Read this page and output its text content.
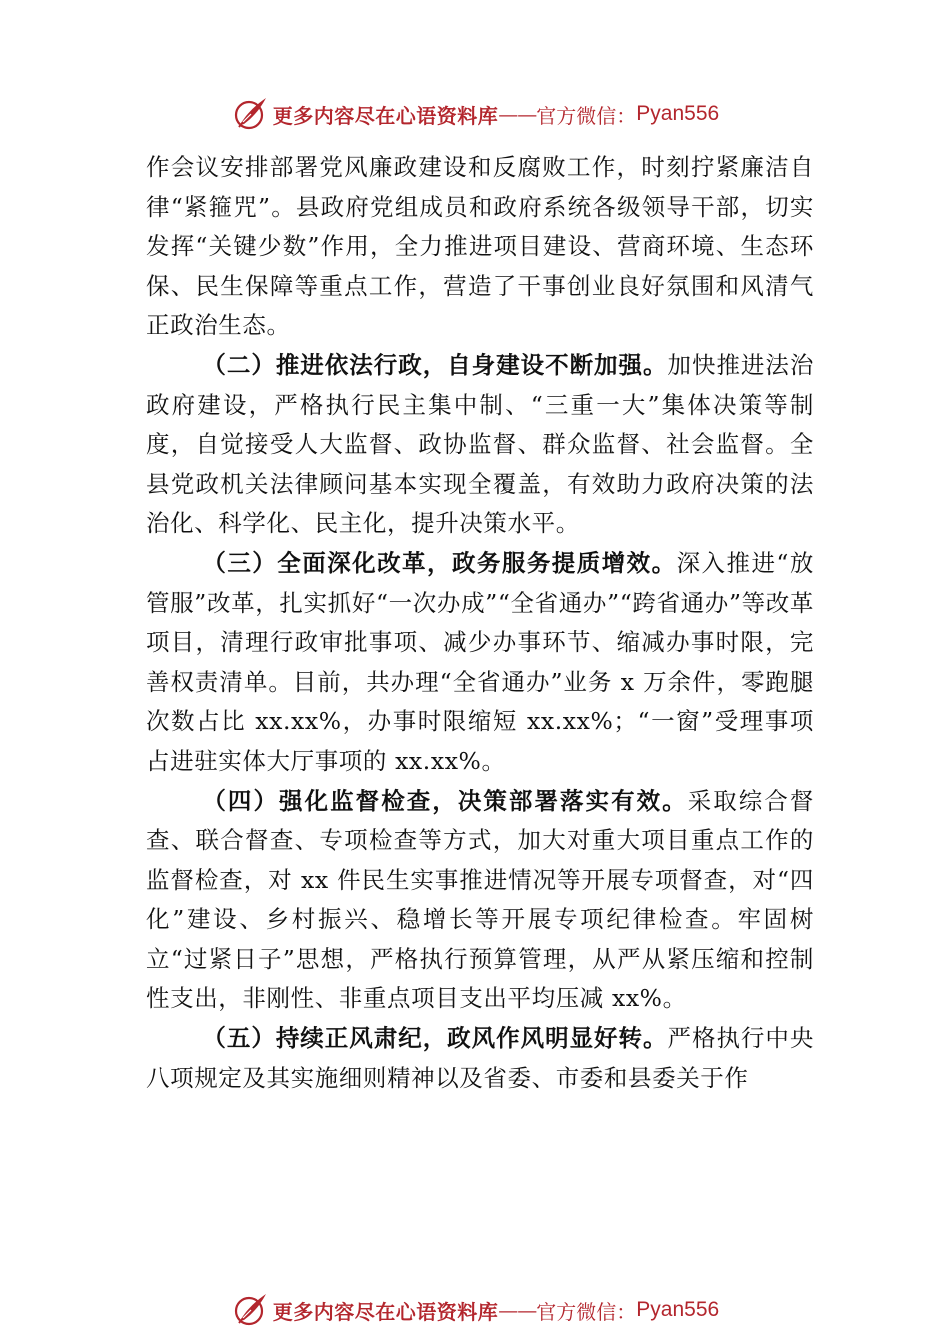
更多内容尽在心语资料库 —— 官方微信： Pyan556

作会议安排部署党风廉政建设和反腐败工作，时刻拧紧廉洁自律“紧箍咒”。县政府党组成员和政府系统各级领导干部，切实发挥“关键少数”作用，全力推进项目建设、营商环境、生态环保、民生保障等重点工作，营造了干事创业良好氛围和风清气正政治生态。

（二）推进依法行政，自身建设不断加强。加快推进法治政府建设，严格执行民主集中制、“三重一大”集体决策等制度，自觉接受人大监督、政协监督、群众监督、社会监督。全县党政机关法律顾问基本实现全覆盖，有效助力政府决策的法治化、科学化、民主化，提升决策水平。

（三）全面深化改革，政务服务提质增效。深入推进“放管服”改革，扎实抓好“一次办成”“全省通办”“跨省通办”等改革项目，清理行政审批事项、减少办事环节、缩减办事时限，完善权责清单。目前，共办理“全省通办”业务 x 万余件，零跑腿次数占比 xx.xx%，办事时限缩短 xx.xx%；“一窗”受理事项占进驻实体大厅事项的 xx.xx%。

（四）强化监督检查，决策部署落实有效。采取综合督查、联合督查、专项检查等方式，加大对重大项目重点工作的监督检查，对 xx 件民生实事推进情况等开展专项督查，对“四化”建设、乡村振兴、稳增长等开展专项纪律检查。牢固树立“过紧日子”思想，严格执行预算管理，从严从紧压缩和控制性支出，非刚性、非重点项目支出平均压减 xx%。

（五）持续正风肃纪，政风作风明显好转。严格执行中央八项规定及其实施细则精神以及省委、市委和县委关于作

更多内容尽在心语资料库 —— 官方微信： Pyan556
